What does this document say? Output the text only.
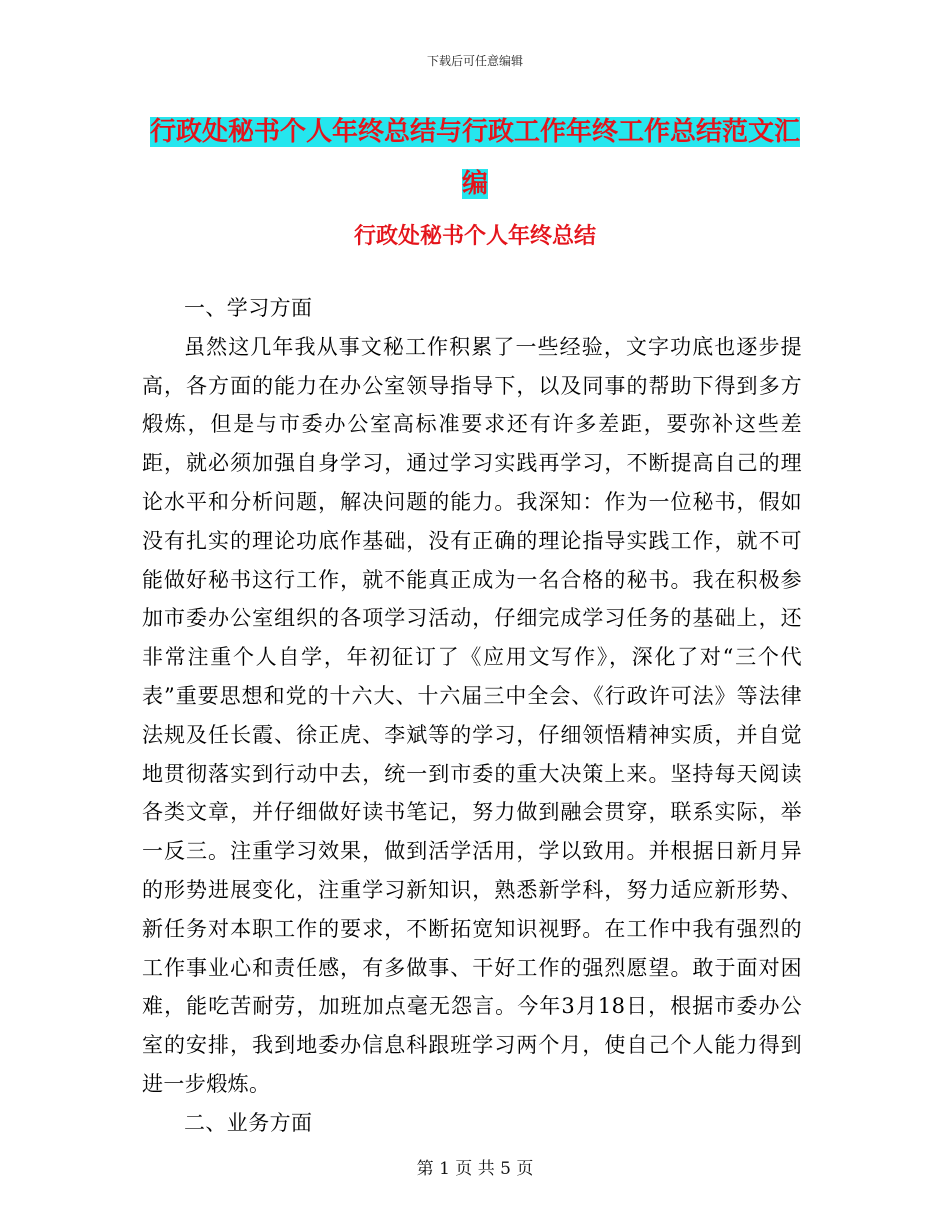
下载后可任意编辑
行政处秘书个人年终总结与行政工作年终工作总结范文汇编
行政处秘书个人年终总结
一、学习方面
虽然这几年我从事文秘工作积累了一些经验，文字功底也逐步提高，各方面的能力在办公室领导指导下，以及同事的帮助下得到多方煅炼，但是与市委办公室高标准要求还有许多差距，要弥补这些差距，就必须加强自身学习，通过学习实践再学习，不断提高自己的理论水平和分析问题，解决问题的能力。我深知：作为一位秘书，假如没有扎实的理论功底作基础，没有正确的理论指导实践工作，就不可能做好秘书这行工作，就不能真正成为一名合格的秘书。我在积极参加市委办公室组织的各项学习活动，仔细完成学习任务的基础上，还非常注重个人自学，年初征订了《应用文写作》，深化了对“三个代表”重要思想和党的十六大、十六届三中全会、《行政许可法》等法律法规及任长霞、徐正虎、李斌等的学习，仔细领悟精神实质，并自觉地贯彻落实到行动中去，统一到市委的重大决策上来。坚持每天阅读各类文章，并仔细做好读书笔记，努力做到融会贯穿，联系实际，举一反三。注重学习效果，做到活学活用，学以致用。并根据日新月异的形势进展变化，注重学习新知识，熟悉新学科，努力适应新形势、新任务对本职工作的要求，不断拓宽知识视野。在工作中我有强烈的工作事业心和责任感，有多做事、干好工作的强烈愿望。敢于面对困难，能吃苦耐劳，加班加点毫无怨言。今年3月18日，根据市委办公室的安排，我到地委办信息科跟班学习两个月，使自己个人能力得到进一步煅炼。
二、业务方面
第 1 页 共 5 页
